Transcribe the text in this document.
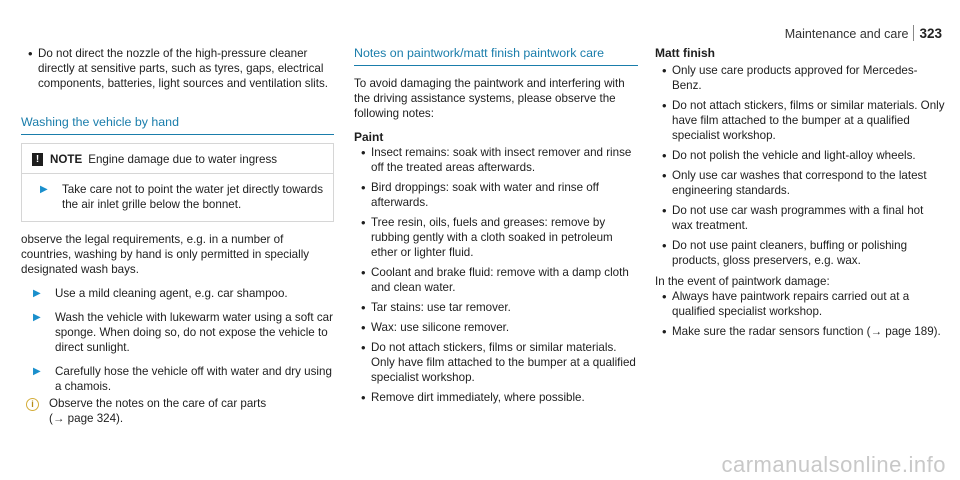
Maintenance and care 323

• Do not direct the nozzle of the high-pressure cleaner directly at sensitive parts, such as tyres, gaps, electrical components, batteries, light sources and ventilation slits.

Washing the vehicle by hand
! NOTE Engine damage due to water ingress
▶	Take care not to point the water jet directly towards the air inlet grille below the bonnet.

observe the legal requirements, e.g. in a number of countries, washing by hand is only permitted in specially designated wash bays.

▶	Use a mild cleaning agent, e.g. car shampoo.
▶	Wash the vehicle with lukewarm water using a soft car sponge. When doing so, do not expose the vehicle to direct sunlight.
▶	Carefully hose the vehicle off with water and dry using a chamois.
i	Observe the notes on the care of car parts
(→ page 324).
Notes on paintwork/matt finish paintwork care

To avoid damaging the paintwork and interfering with the driving assistance systems, please observe the following notes:

Paint

• Insect remains: soak with insect remover and rinse off the treated areas afterwards.

• Bird droppings: soak with water and rinse off afterwards.

• Tree resin, oils, fuels and greases: remove by rubbing gently with a cloth soaked in petroleum ether or lighter fluid.

• Coolant and brake fluid: remove with a damp cloth and clean water.

• Tar stains: use tar remover.

• Wax: use silicone remover.

• Do not attach stickers, films or similar materials. Only have film attached to the bumper at a qualified specialist workshop.

• Remove dirt immediately, where possible.

Matt finish

• Only use care products approved for Mercedes-Benz.

• Do not attach stickers, films or similar materials. Only have film attached to the bumper at a qualified specialist workshop.

• Do not polish the vehicle and light-alloy wheels.

• Only use car washes that correspond to the latest engineering standards.

• Do not use car wash programmes with a final hot wax treatment.

• Do not use paint cleaners, buffing or polishing products, gloss preservers, e.g. wax.

In the event of paintwork damage:

• Always have paintwork repairs carried out at a qualified specialist workshop.

• Make sure the radar sensors function (→ page 189).

carmanualsonline.info
